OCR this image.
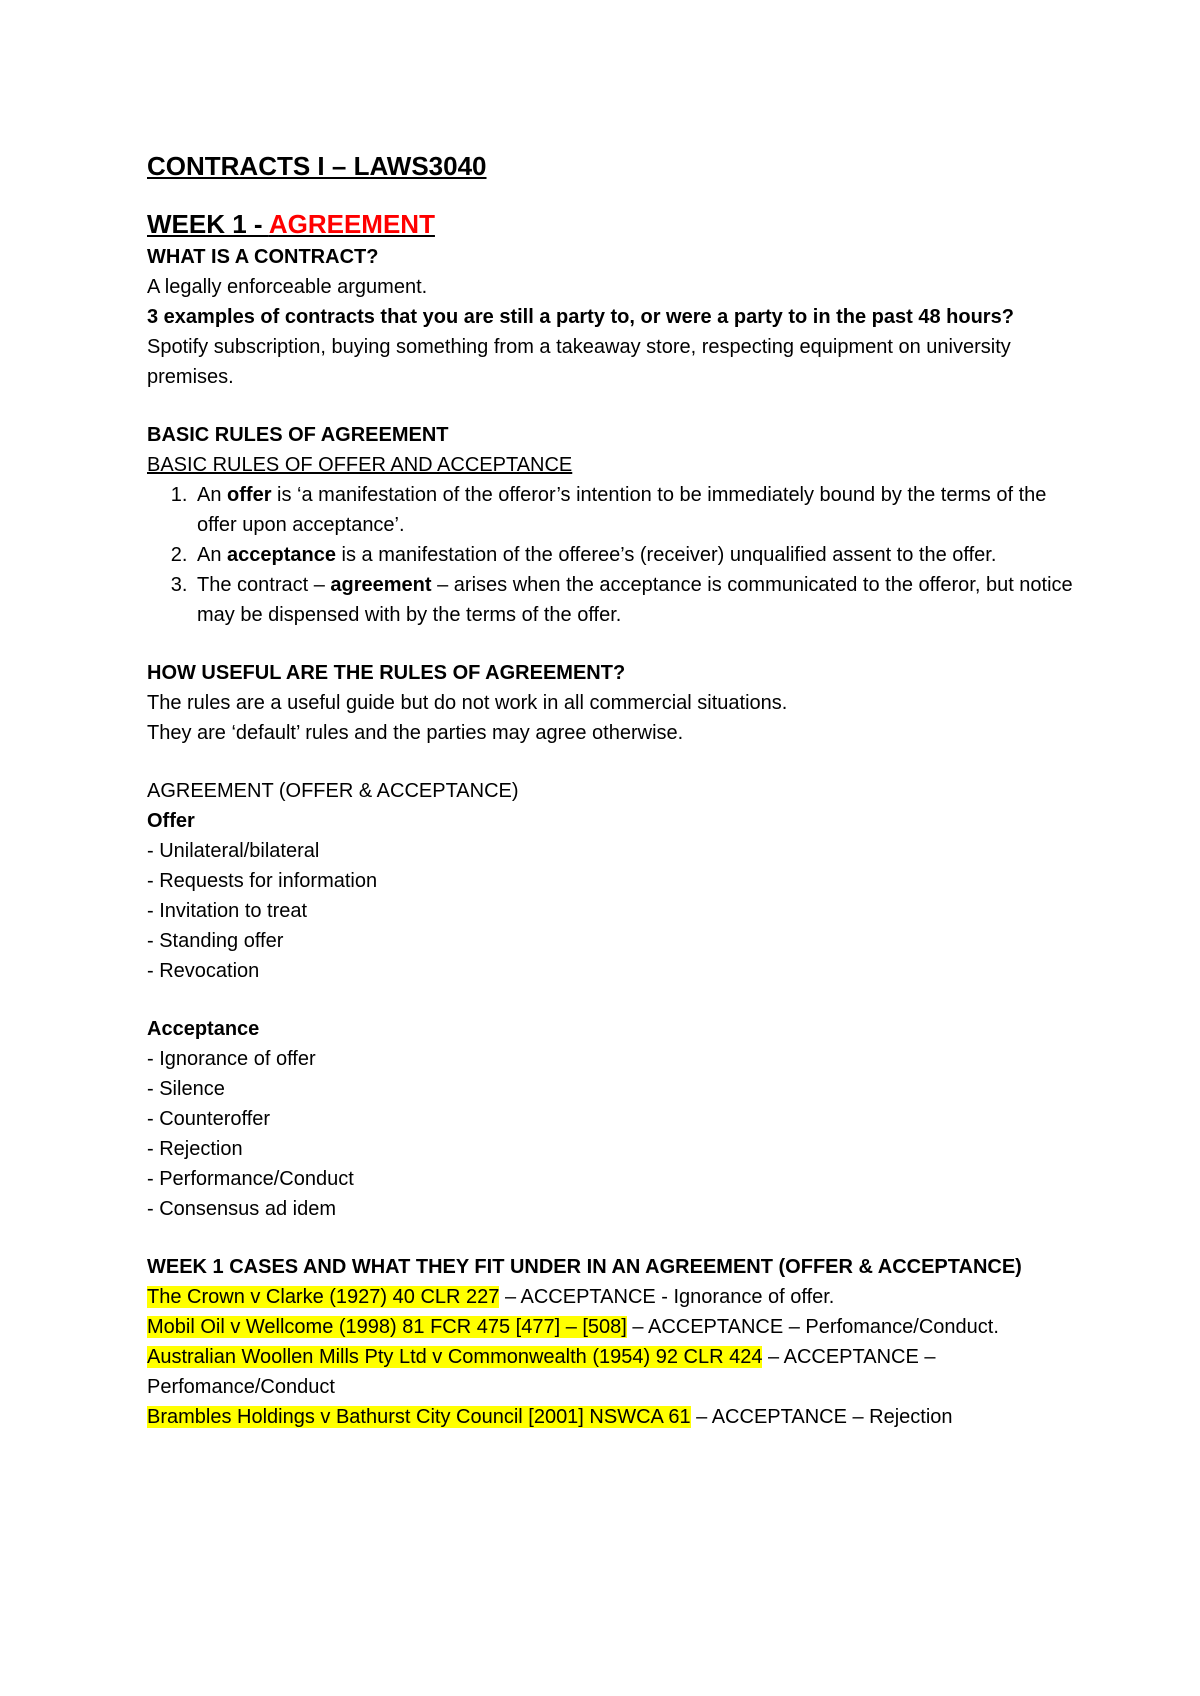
CONTRACTS I – LAWS3040
WEEK 1 - AGREEMENT

WHAT IS A CONTRACT?

A legally enforceable argument.

3 examples of contracts that you are still a party to, or were a party to in the past 48 hours?

Spotify subscription, buying something from a takeaway store, respecting equipment on university premises.

BASIC RULES OF AGREEMENT

BASIC RULES OF OFFER AND ACCEPTANCE

1. An offer is ‘a manifestation of the offeror’s intention to be immediately bound by the terms of the offer upon acceptance’.
2. An acceptance is a manifestation of the offeree’s (receiver) unqualified assent to the offer.
3. The contract – agreement – arises when the acceptance is communicated to the offeror, but notice may be dispensed with by the terms of the offer.

HOW USEFUL ARE THE RULES OF AGREEMENT?

The rules are a useful guide but do not work in all commercial situations.

They are ‘default’ rules and the parties may agree otherwise.

AGREEMENT (OFFER & ACCEPTANCE)

Offer

- Unilateral/bilateral

- Requests for information

- Invitation to treat

- Standing offer

- Revocation

Acceptance

- Ignorance of offer

- Silence

- Counteroffer

- Rejection

- Performance/Conduct

- Consensus ad idem

WEEK 1 CASES AND WHAT THEY FIT UNDER IN AN AGREEMENT (OFFER & ACCEPTANCE)

The Crown v Clarke (1927) 40 CLR 227 – ACCEPTANCE - Ignorance of offer.

Mobil Oil v Wellcome (1998) 81 FCR 475 [477] – [508] – ACCEPTANCE – Perfomance/Conduct.

Australian Woollen Mills Pty Ltd v Commonwealth (1954) 92 CLR 424 – ACCEPTANCE – Perfomance/Conduct

Brambles Holdings v Bathurst City Council [2001] NSWCA 61 – ACCEPTANCE – Rejection
